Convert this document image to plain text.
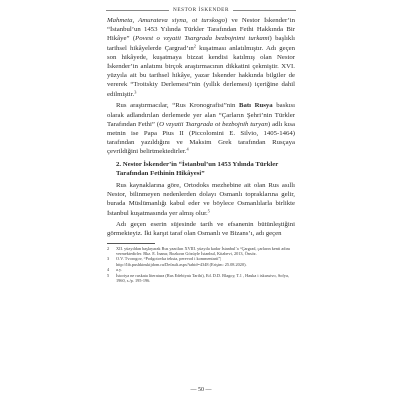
NESTOR İSKENDER

Mahmeta, Amurateva siyna, ot turskogo) ve Nestor İskender’in “İstanbul’un 1453 Yılında Türkler Tarafından Fethi Hakkında Bir Hikâye” (Povest o vzyatii Tsargrada bezbojnimi turkami) başlıklı tarihsel hikâyelerde $Çargrad’ın^2$ kuşatması anlatılmıştır. Adı geçen son hikâyede, kuşatmaya bizzat kendisi katılmış olan Nestor İskender’in anlatımı birçok araştırmacının dikkatini çekmiştir. XVI. yüzyıla ait bu tarihsel hikâye, yazar İskender hakkında bilgiler de vererek “Troitskiy Derlemesi”nin (yıllık derlemesi) içeriğine dahil edilmiştir.$^3$

Rus araştırmacılar, “Rus Kronografisi”nin Batı Rusya baskısı olarak adlandırılan derlemede yer alan “Çarların Şehri’nin Türkler Tarafından Fethi” (O vzyatii Tsargrada ot bezbojnih turyan) adlı kısa metnin ise Papa Pius II (Piccolomini E. Silvio, 1405-1464) tarafından yazıldığını ve Maksim Grek tarafından Rusçaya çevrildiğini belirtmektedirler.$^4$

2. Nestor İskender’in “İstanbul’un 1453 Yılında Türkler Tarafından Fethinin Hikâyesi”

Rus kaynaklarına göre, Ortodoks mezhebine ait olan Rus asıllı Nestor, bilinmeyen nedenlerden dolayı Osmanlı topraklarına gelir, burada Müslümanlığı kabul eder ve böylece Osmanlılarla birlikte İstanbul kuşatmasında yer almış olur.$^5$

Adı geçen eserin süjesinde tarih ve efsanenin bütünleştiğini görmekteyiz. İki karşıt taraf olan Osmanlı ve Bizans’ı, adı geçen

2	XII. yüzyıldan başlayarak Rus yazıtları XVIII. yüzyıla kadar İstanbul’a “Çargrad, çarların kenti adını vermektedirler. Bkz. E. İnanır, Bozkırın Gözüyle İstanbul, Kitabevi, 2013, Önsöz.
3	O.V. Tvorogov, “Podgotovka teksta, perevod i kommentarii”| http://lib.pushkinskijdom.ru/Default.aspx?tabid=4348 (Erişim: 25.08.2020).
4	a.y.
5	İstoriya ne ruskata literatura (Rus Edebiyatı Tarihi), Ed. D.D. Blagoy, T.1 , Hauka i iskusstvo, Sofya, 1960, s./p. 195-196.
— 50 —
